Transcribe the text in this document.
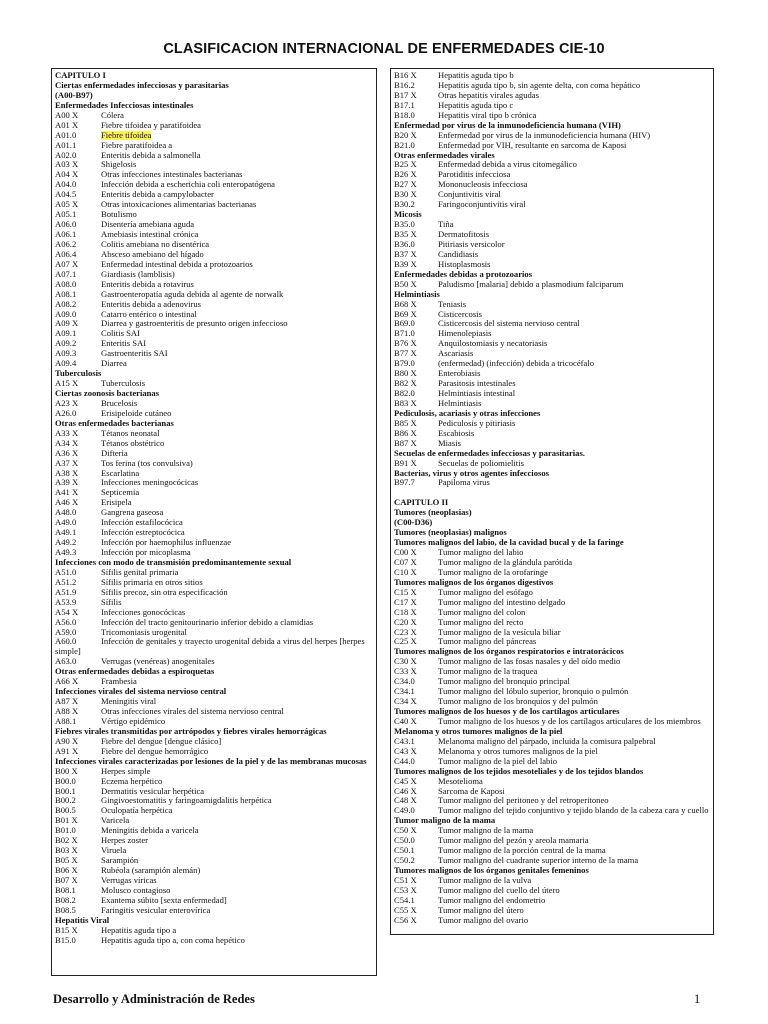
CLASIFICACION INTERNACIONAL DE ENFERMEDADES CIE-10
CAPITULO I
Ciertas enfermedades infecciosas y parasitarias
(A00-B97)
Enfermedades Infecciosas intestinales
A00 X	Cólera
A01 X	Fiebre tifoidea y paratifoidea
A01.0	Fiebre tifoidea
A01.1	Fiebre paratifoidea a
A02.0	Enteritis debida a salmonella
A03 X	Shigelosis
A04 X	Otras infecciones intestinales bacterianas
A04.0	Infección debida a escherichia coli enteropatógena
A04.5	Enteritis debida a campylobacter
A05 X	Otras intoxicaciones alimentarias bacterianas
A05.1	Botulismo
A06.0	Disentería amebiana aguda
A06.1	Amebiasis intestinal crónica
A06.2	Colitis amebiana no disentérica
A06.4	Absceso amebiano del hígado
A07 X	Enfermedad intestinal debida a protozoarios
A07.1	Giardiasis (lamblisis)
A08.0	Enteritis debida a rotavirus
A08.1	Gastroenteropatía aguda debida al agente de norwalk
A08.2	Enteritis debida a adenovirus
A09.0	Catarro entérico o intestinal
A09 X	Diarrea y gastroenteritis de presunto origen infeccioso
A09.1	Colitis SAI
A09.2	Enteritis SAI
A09.3	Gastroenteritis SAI
A09.4	Diarrea
Tuberculosis
A15 X	Tuberculosis
Ciertas zoonosis bacterianas
A23 X	Brucelosis
A26.0	Erisipeloide cutáneo
Otras enfermedades bacterianas
A33 X	Tétanos neonatal
A34 X	Tétanos obstétrico
A36 X	Difteria
A37 X	Tos ferina (tos convulsiva)
A38 X	Escarlatina
A39 X	Infecciones meningocócicas
A41 X	Septicemia
A46 X	Erisipela
A48.0	Gangrena gaseosa
A49.0	Infección estafilocócica
A49.1	Infección estreptocócica
A49.2	Infección por haemophilus influenzae
A49.3	Infección por micoplasma
Infecciones con modo de transmisión predominantemente sexual
A51.0	Sífilis genital primaria
A51.2	Sífilis primaria en otros sitios
A51.9	Sífilis precoz, sin otra especificación
A53.9	Sífilis
A54 X	Infecciones gonocócicas
A56.0	Infección del tracto genitourinario inferior debido a clamidias
A59.0	Tricomoniasis urogenital
A60.0	Infección de genitales y trayecto urogenital debida a virus del herpes [herpes simple]
A63.0	Verrugas (venéreas) anogenitales
Otras enfermedades debidas a espiroquetas
A66 X	Frambesia
Infecciones virales del sistema nervioso central
A87 X	Meningitis viral
A88 X	Otras infecciones virales del sistema nervioso central
A88.1	Vértigo epidémico
Fiebres virales transmitidas por artrópodos y fiebres virales hemorrágicas
A90 X	Fiebre del dengue [dengue clásico]
A91 X	Fiebre del dengue hemorrágico
Infecciones virales caracterizadas por lesiones de la piel y de las membranas mucosas
B00 X	Herpes simple
B00.0	Eczema herpético
B00.1	Dermatitis vesicular herpética
B00.2	Gingivoestomatitis y faringoamigdalitis herpética
B00.5	Oculopatía herpética
B01 X	Varicela
B01.0	Meningitis debida a varicela
B02 X	Herpes zoster
B03 X	Viruela
B05 X	Sarampión
B06 X	Rubéola (sarampión alemán)
B07 X	Verrugas víricas
B08.1	Molusco contagioso
B08.2	Exantema súbito [sexta enfermedad]
B08.5	Faringitis vesicular enterovírica
Hepatitis Viral
B15 X	Hepatitis aguda tipo a
B15.0	Hepatitis aguda tipo a, con coma hepético
B16 X Hepatitis aguda tipo b
B16.2	Hepatitis aguda tipo b, sin agente delta, con coma hepático
B17 X Otras hepatitis virales agudas
B17.1	Hepatitis aguda tipo c
B18.0	Hepatitis viral tipo b crónica
Enfermedad por virus de la inmunodeficiencia humana (VIH)
B20 X Enfermedad por virus de la inmunodeficiencia humana (HIV)
B21.0	Enfermedad por VIH, resultante en sarcoma de Kaposi
Otras enfermedades virales
B25 X Enfermedad debida a virus citomegálico
B26 X Parotiditis infecciosa
B27 X Mononucleosis infecciosa
B30 X Conjuntivitis viral
B30.2	Faringoconjuntivitis viral
Micosis
B35.0	Tiña
B35 X Dermatofitosis
B36.0	Pitiriasis versicolor
B37 X Candidiasis
B39 X Histoplasmosis
Enfermedades debidas a protozoarios
B50 X Paludismo [malaria] debido a plasmodium falciparum
Helmintiasis
B68 X Teniasis
B69 X Cisticercosis
B69.0	Cisticercosis del sistema nervioso central
B71.0	Himenolepiasis
B76 X Anquilostomiasis y necatoriasis
B77 X Ascariasis
B79.0	(enfermedad) (infección) debida a tricocéfalo
B80 X Enterobiasis
B82 X Parasitosis intestinales
B82.0	Helmintiasis intestinal
B83 X Helmintiasis
Pediculosis, acariasis y otras infecciones
B85 X Pediculosis y pitiriasis
B86 X Escabiosis
B87 X Miasis
Secuelas de enfermedades infecciosas y parasitarias.
B91 X Secuelas de poliomielitis
Bacterias, virus y otros agentes infecciosos
B97.7	Papiloma virus
CAPITULO II
Tumores (neoplasias)
(C00-D36)
Tumores (neoplasias) malignos
Tumores malignos del labio, de la cavidad bucal y de la faringe
C00 X Tumor maligno del labio
C07 X Tumor maligno de la glándula parótida
C10 X Tumor maligno de la orofaringe
Tumores malignos de los órganos digestivos
C15 X Tumor maligno del esófago
C17 X Tumor maligno del intestino delgado
C18 X Tumor maligno del colon
C20 X Tumor maligno del recto
C23 X Tumor maligno de la vesícula biliar
C25 X Tumor maligno del páncreas
Tumores malignos de los órganos respiratorios e intratorácicos
C30 X Tumor maligno de las fosas nasales y del oído medio
C33 X Tumor maligno de la traquea
C34.0	Tumor maligno del bronquio principal
C34.1	Tumor maligno del lóbulo superior, bronquio o pulmón
C34 X Tumor maligno de los bronquios y del pulmón
Tumores malignos de los huesos y de los cartílagos articulares
C40 X Tumor maligno de los huesos y de los cartílagos articulares de los miembros
Melanoma y otros tumores malignos de la piel
C43.1	Melanoma maligno del párpado, incluida la comisura palpebral
C43 X Melanoma y otros tumores malignos de la piel
C44.0	Tumor maligno de la piel del labio
Tumores malignos de los tejidos mesoteliales y de los tejidos blandos
C45 X Mesotelioma
C46 X Sarcoma de Kaposi
C48 X Tumor maligno del peritoneo y del retroperitoneo
C49.0	Tumor maligno del tejido conjuntivo y tejido blando de la cabeza cara y cuello
Tumor maligno de la mama
C50 X Tumor maligno de la mama
C50.0	Tumor maligno del pezón y areola mamaria
C50.1	Tumor maligno de la porción central de la mama
C50.2	Tumor maligno del cuadrante superior interno de la mama
Tumores malignos de los órganos genitales femeninos
C51 X Tumor maligno de la vulva
C53 X Tumor maligno del cuello del útero
C54.1	Tumor maligno del endometrio
C55 X Tumor maligno del útero
C56 X Tumor maligno del ovario
Desarrollo y Administración de Redes	1
